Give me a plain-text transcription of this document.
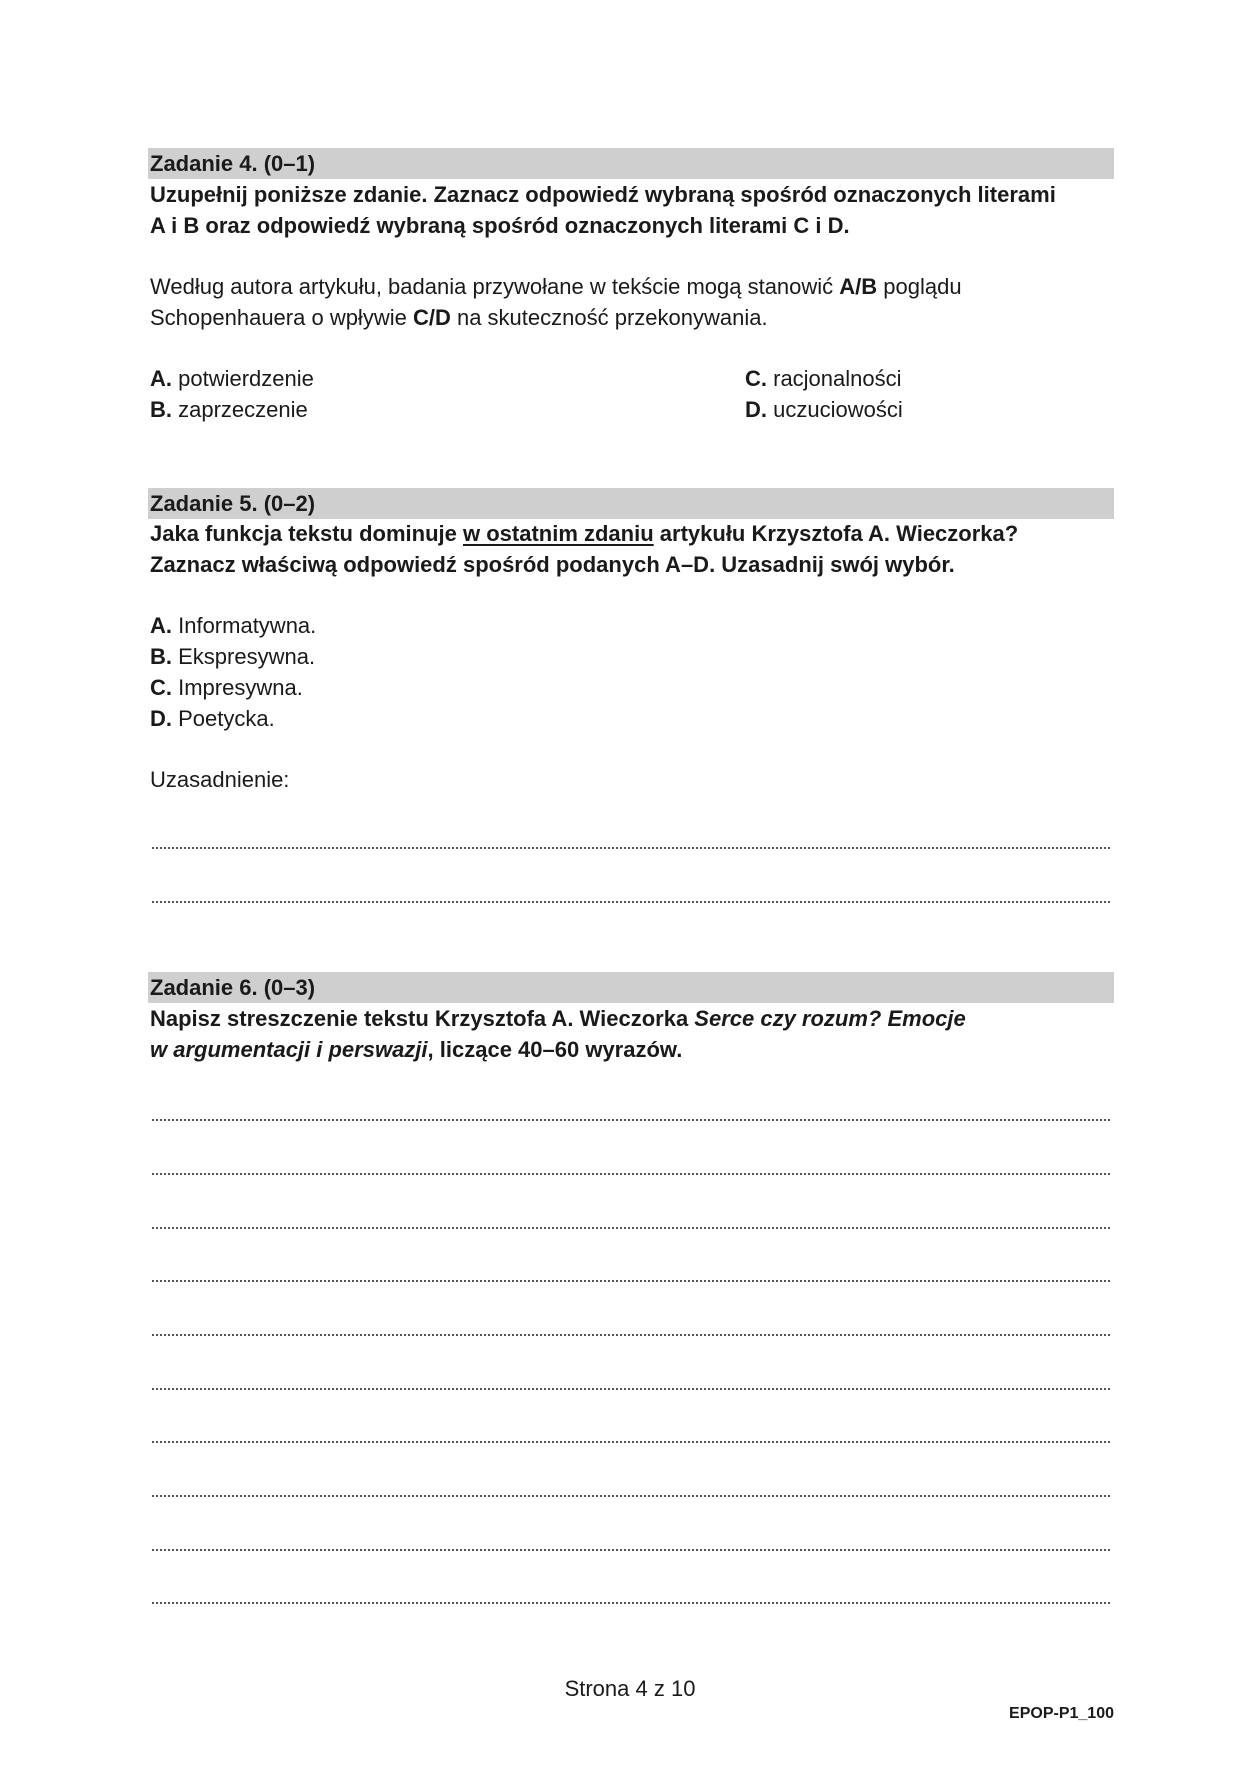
Zadanie 4. (0–1)
Uzupełnij poniższe zdanie. Zaznacz odpowiedź wybraną spośród oznaczonych literami
A i B oraz odpowiedź wybraną spośród oznaczonych literami C i D.
Według autora artykułu, badania przywołane w tekście mogą stanowić A/B poglądu
Schopenhauera o wpływie C/D na skuteczność przekonywania.
A. potwierdzenie
B. zaprzeczenie
C. racjonalności
D. uczuciowości
Zadanie 5. (0–2)
Jaka funkcja tekstu dominuje w ostatnim zdaniu artykułu Krzysztofa A. Wieczorka?
Zaznacz właściwą odpowiedź spośród podanych A–D. Uzasadnij swój wybór.
A. Informatywna.
B. Ekspresywna.
C. Impresywna.
D. Poetycka.
Uzasadnienie:
Zadanie 6. (0–3)
Napisz streszczenie tekstu Krzysztofa A. Wieczorka Serce czy rozum? Emocje
w argumentacji i perswazji, liczące 40–60 wyrazów.
Strona 4 z 10
EPOP-P1_100
